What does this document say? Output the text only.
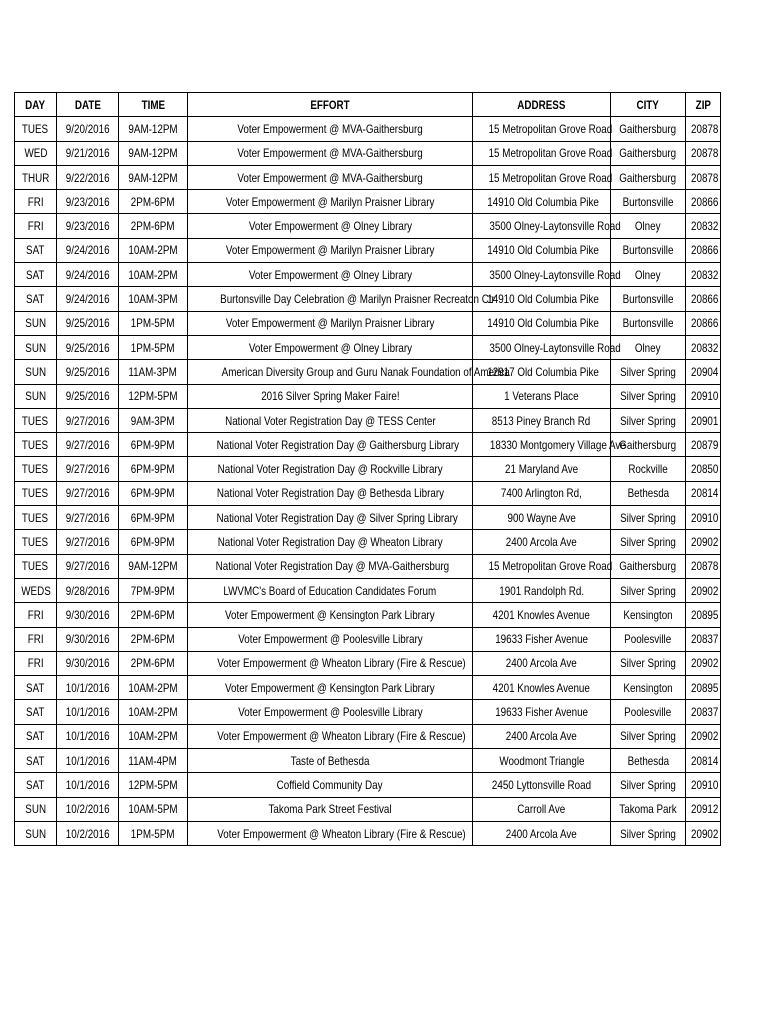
DAY	DATE	TIME	EFFORT	ADDRESS	CITY	ZIP
TUES	9/20/2016	9AM-12PM	Voter Empowerment @ MVA-Gaithersburg	15 Metropolitan Grove Road	Gaithersburg	20878
WED	9/21/2016	9AM-12PM	Voter Empowerment @ MVA-Gaithersburg	15 Metropolitan Grove Road	Gaithersburg	20878
THUR	9/22/2016	9AM-12PM	Voter Empowerment @ MVA-Gaithersburg	15 Metropolitan Grove Road	Gaithersburg	20878
FRI	9/23/2016	2PM-6PM	Voter Empowerment @ Marilyn Praisner Library	14910 Old Columbia Pike	Burtonsville	20866
FRI	9/23/2016	2PM-6PM	Voter Empowerment @ Olney Library	3500 Olney-Laytonsville Road	Olney	20832
SAT	9/24/2016	10AM-2PM	Voter Empowerment @ Marilyn Praisner Library	14910 Old Columbia Pike	Burtonsville	20866
SAT	9/24/2016	10AM-2PM	Voter Empowerment @ Olney Library	3500 Olney-Laytonsville Road	Olney	20832
SAT	9/24/2016	10AM-3PM	Burtonsville Day Celebration @ Marilyn Praisner Recreaton Ctr	14910 Old Columbia Pike	Burtonsville	20866
SUN	9/25/2016	1PM-5PM	Voter Empowerment @ Marilyn Praisner Library	14910 Old Columbia Pike	Burtonsville	20866
SUN	9/25/2016	1PM-5PM	Voter Empowerment @ Olney Library	3500 Olney-Laytonsville Road	Olney	20832
SUN	9/25/2016	11AM-3PM	American Diversity Group and Guru Nanak Foundation of America	12917 Old Columbia Pike	Silver Spring	20904
SUN	9/25/2016	12PM-5PM	2016 Silver Spring Maker Faire!	1 Veterans Place	Silver Spring	20910
TUES	9/27/2016	9AM-3PM	National Voter Registration Day @ TESS Center	8513 Piney Branch Rd	Silver Spring	20901
TUES	9/27/2016	6PM-9PM	National Voter Registration Day @ Gaithersburg Library	18330 Montgomery Village Ave	Gaithersburg	20879
TUES	9/27/2016	6PM-9PM	National Voter Registration Day @ Rockville Library	21 Maryland Ave	Rockville	20850
TUES	9/27/2016	6PM-9PM	National Voter Registration Day @ Bethesda Library	7400 Arlington Rd,	Bethesda	20814
TUES	9/27/2016	6PM-9PM	National Voter Registration Day @ Silver Spring Library	900 Wayne Ave	Silver Spring	20910
TUES	9/27/2016	6PM-9PM	National Voter Registration Day @ Wheaton Library	2400 Arcola Ave	Silver Spring	20902
TUES	9/27/2016	9AM-12PM	National Voter Registration Day @ MVA-Gaithersburg	15 Metropolitan Grove Road	Gaithersburg	20878
WEDS	9/28/2016	7PM-9PM	LWVMC's Board of Education Candidates Forum	1901 Randolph Rd.	Silver Spring	20902
FRI	9/30/2016	2PM-6PM	Voter Empowerment @ Kensington Park Library	4201 Knowles Avenue	Kensington	20895
FRI	9/30/2016	2PM-6PM	Voter Empowerment @ Poolesville Library	19633 Fisher Avenue	Poolesville	20837
FRI	9/30/2016	2PM-6PM	Voter Empowerment @ Wheaton Library (Fire & Rescue)	2400 Arcola Ave	Silver Spring	20902
SAT	10/1/2016	10AM-2PM	Voter Empowerment @ Kensington Park Library	4201 Knowles Avenue	Kensington	20895
SAT	10/1/2016	10AM-2PM	Voter Empowerment @ Poolesville Library	19633 Fisher Avenue	Poolesville	20837
SAT	10/1/2016	10AM-2PM	Voter Empowerment @ Wheaton Library (Fire & Rescue)	2400 Arcola Ave	Silver Spring	20902
SAT	10/1/2016	11AM-4PM	Taste of Bethesda	Woodmont Triangle	Bethesda	20814
SAT	10/1/2016	12PM-5PM	Coffield Community Day	2450 Lyttonsville Road	Silver Spring	20910
SUN	10/2/2016	10AM-5PM	Takoma Park Street Festival	Carroll Ave	Takoma Park	20912
SUN	10/2/2016	1PM-5PM	Voter Empowerment @ Wheaton Library (Fire & Rescue)	2400 Arcola Ave	Silver Spring	20902
